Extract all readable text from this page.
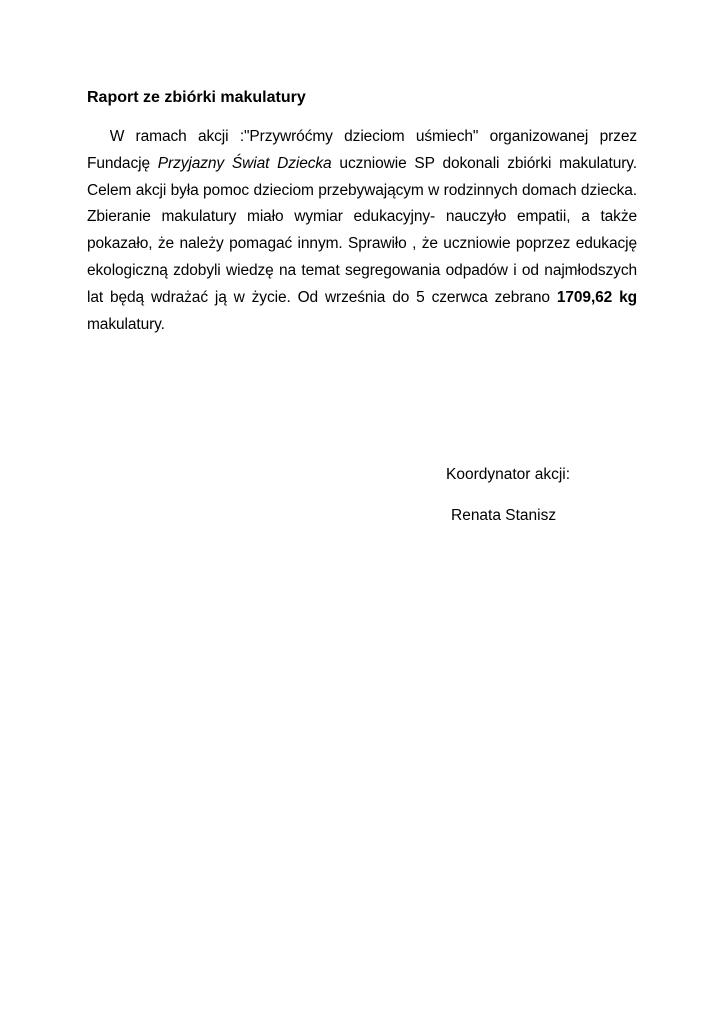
Raport ze zbiórki makulatury
W ramach akcji :"Przywróćmy dzieciom uśmiech" organizowanej przez Fundację Przyjazny Świat Dziecka uczniowie SP dokonali zbiórki makulatury. Celem akcji była pomoc dzieciom przebywającym w rodzinnych domach dziecka. Zbieranie makulatury miało wymiar edukacyjny- nauczyło empatii, a także pokazało, że należy pomagać innym. Sprawiło , że uczniowie poprzez edukację ekologiczną zdobyli wiedzę na temat segregowania odpadów i od najmłodszych lat będą wdrażać ją w życie. Od września do 5 czerwca zebrano 1709,62 kg makulatury.
Koordynator akcji:
Renata Stanisz
